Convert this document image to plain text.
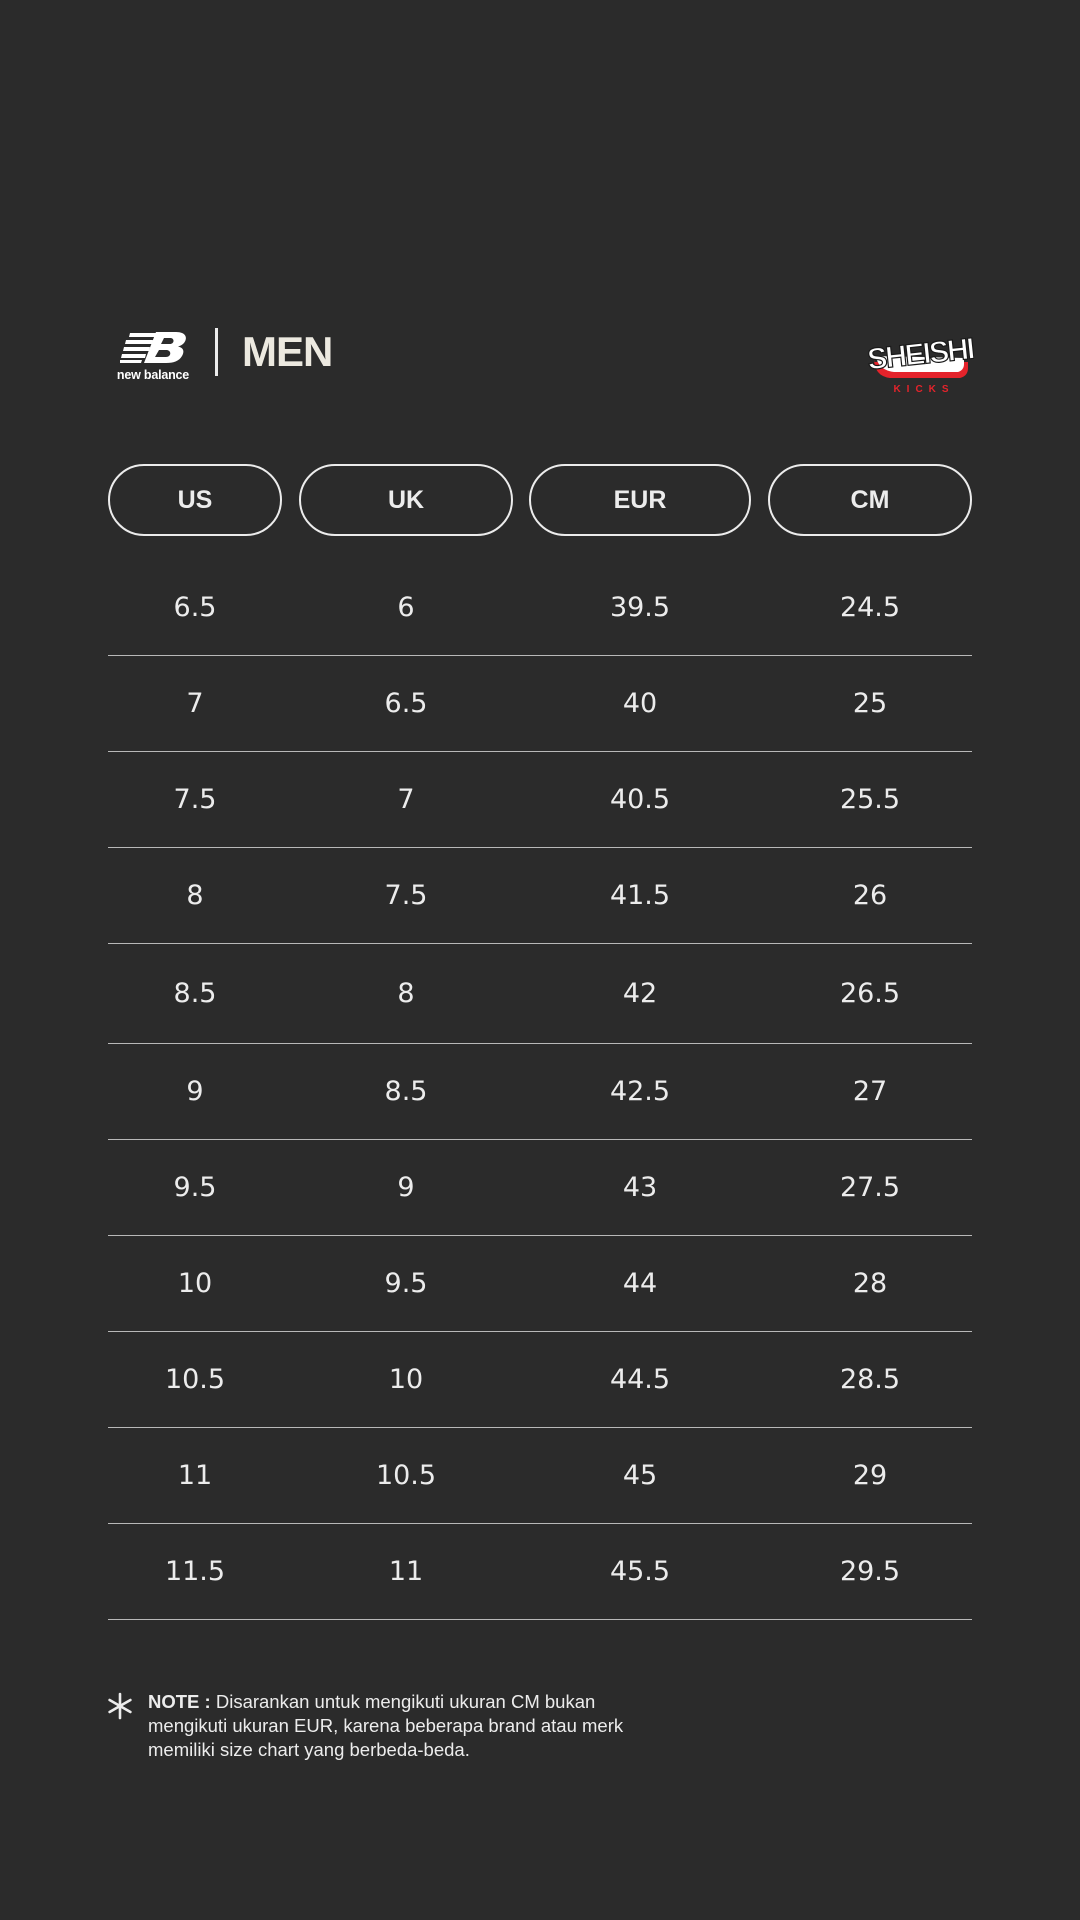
new balance MEN	SHEISHI
KICKS
US	UK	EUR	CM
6.5	6	39.5	24.5
7	6.5	40	25
7.5	7	40.5	25.5
8	7.5	41.5	26
8.5	8	42	26.5
9	8.5	42.5	27
9.5	9	43	27.5
10	9.5	44	28
10.5	10	44.5	28.5
11	10.5	45	29
11.5	11	45.5	29.5
NOTE : Disarankan untuk mengikuti ukuran CM bukan mengikuti ukuran EUR, karena beberapa brand atau merk memiliki size chart yang berbeda-beda.
